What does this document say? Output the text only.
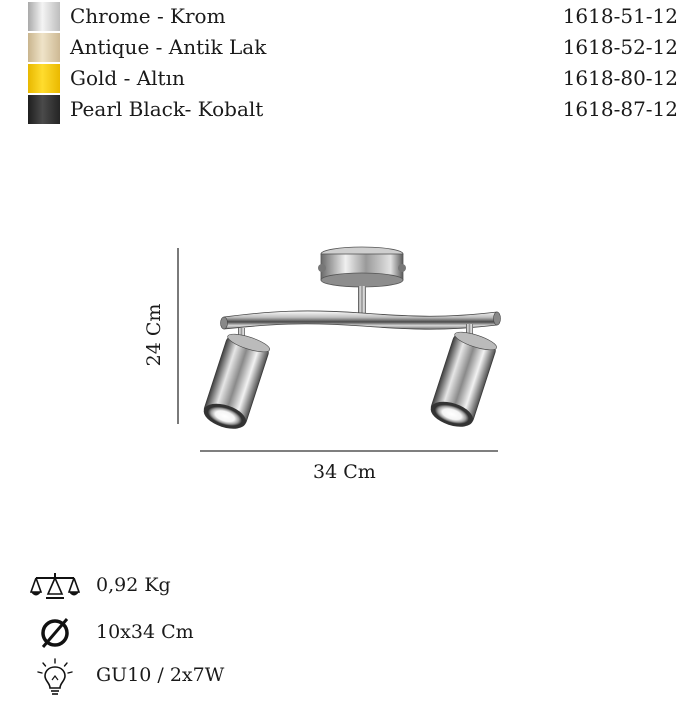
Chrome - Krom	1618-51-12
Antique - Antik Lak	1618-52-12
Gold - Altın	1618-80-12
Pearl Black- Kobalt	1618-87-12
24 Cm
34 Cm
0,92 Kg
10x34 Cm
GU10 / 2x7W
